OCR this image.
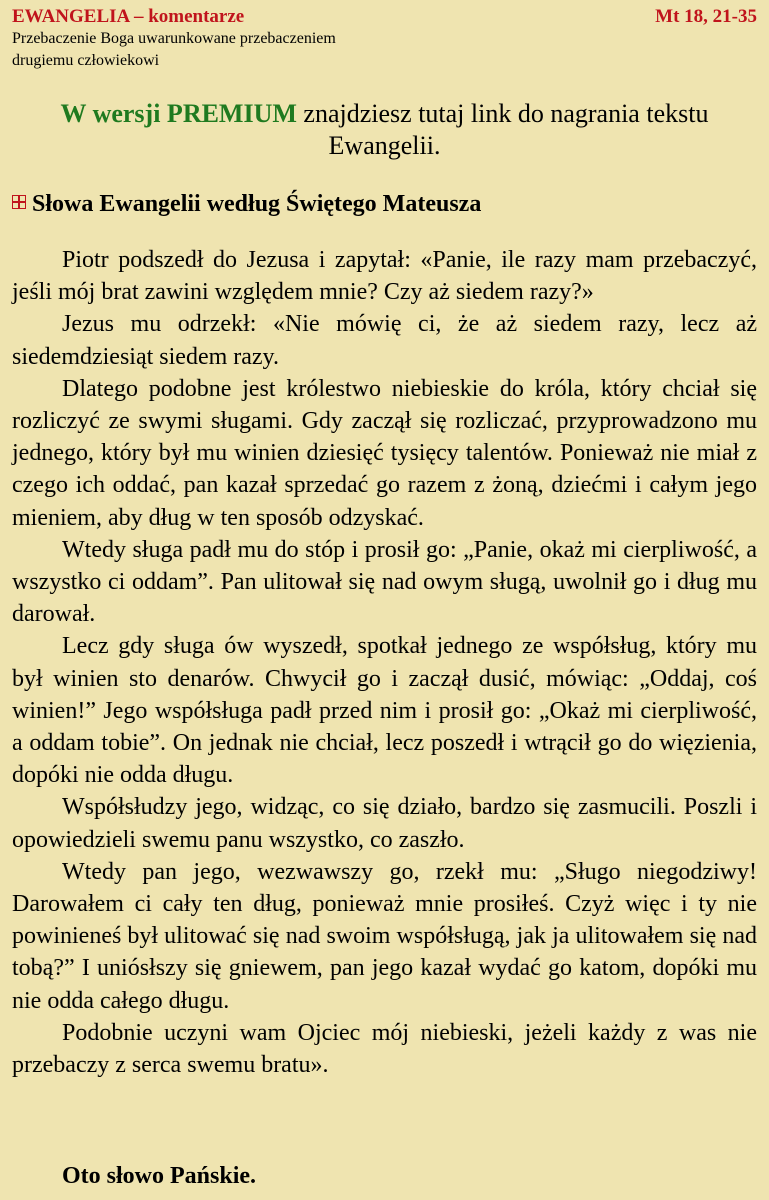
EWANGELIA – komentarze	Mt 18, 21-35
Przebaczenie Boga uwarunkowane przebaczeniem drugiemu człowiekowi
W wersji PREMIUM znajdziesz tutaj link do nagrania tekstu Ewangelii.
Słowa Ewangelii według Świętego Mateusza

Piotr podszedł do Jezusa i zapytał: «Panie, ile razy mam przebaczyć, jeśli mój brat zawini względem mnie? Czy aż siedem razy?»

Jezus mu odrzekł: «Nie mówię ci, że aż siedem razy, lecz aż siedemdziesiąt siedem razy.

Dlatego podobne jest królestwo niebieskie do króla, który chciał się rozliczyć ze swymi sługami. Gdy zaczął się rozliczać, przyprowadzono mu jednego, który był mu winien dziesięć tysięcy talentów. Ponieważ nie miał z czego ich oddać, pan kazał sprzedać go razem z żoną, dziećmi i całym jego mieniem, aby dług w ten sposób odzyskać.

Wtedy sługa padł mu do stóp i prosił go: „Panie, okaż mi cierpliwość, a wszystko ci oddam”. Pan ulitował się nad owym sługą, uwolnił go i dług mu darował.

Lecz gdy sługa ów wyszedł, spotkał jednego ze współsług, który mu był winien sto denarów. Chwycił go i zaczął dusić, mówiąc: „Oddaj, coś winien!” Jego współsługa padł przed nim i prosił go: „Okaż mi cierpliwość, a oddam tobie”. On jednak nie chciał, lecz poszedł i wtrącił go do więzienia, dopóki nie odda długu.

Współsłudzy jego, widząc, co się działo, bardzo się zasmucili. Poszli i opowiedzieli swemu panu wszystko, co zaszło.

Wtedy pan jego, wezwawszy go, rzekł mu: „Sługo niegodziwy! Darowałem ci cały ten dług, ponieważ mnie prosiłeś. Czyż więc i ty nie powinieneś był ulitować się nad swoim współsługą, jak ja ulitowałem się nad tobą?” I uniósłszy się gniewem, pan jego kazał wydać go katom, dopóki mu nie odda całego długu.

Podobnie uczyni wam Ojciec mój niebieski, jeżeli każdy z was nie przebaczy z serca swemu bratu».

Oto słowo Pańskie.
